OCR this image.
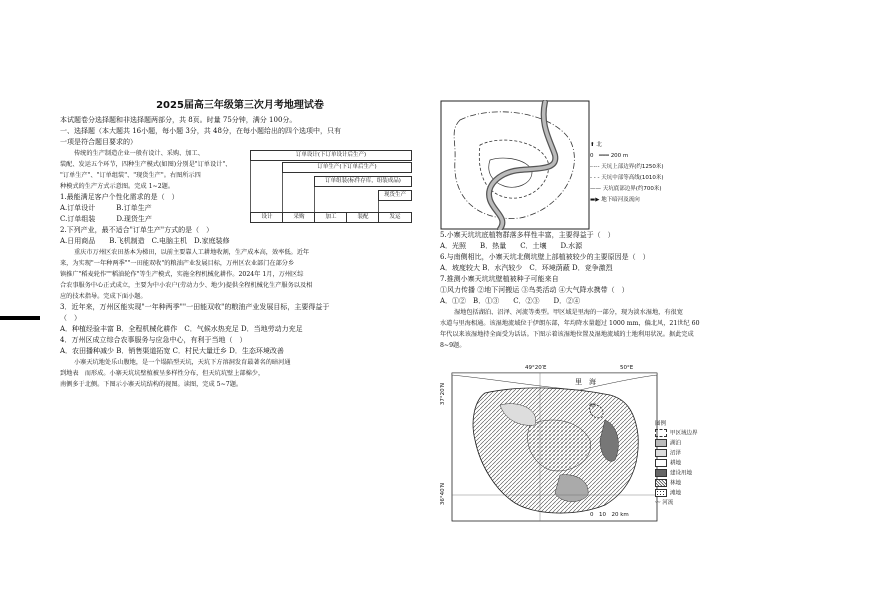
2025届高三年级第三次月考地理试卷

本试题卷分选择题和非选择题两部分，共 8页。时量 75分钟，满分 100分。

一、选择题（本大题共 16小题，每小题 3分，共 48分，在每小题给出的四个选项中，只有

一项是符合题目要求的）

传统的生产制造企业一般有设计、采购、加工、

装配、发运五个环节，四种生产模式(如图)分别是"订单设计"、

"订单生产"、"订单组装"、"现货生产"。右图所示四

种模式的生产方式示意图。完成 1~2题。

1.最能满足客户个性化需求的是（　）

A.订单设计　　　B.订单生产

C.订单组装　　　D.现货生产

2.下列产业，最不适合"订单生产"方式的是（　）

A.日用商品　　B.飞机制造　C.电脑主机　D.家庭装修

重庆市万州区农田基本为梯田，以前主要靠人工耕地收割，生产成本高，效率低。近年

来，为实现"一年种两季""一田能双收"的粮油产业发展目标，万州区农业部门在部分乡

镇推广"稻麦轮作""稻油轮作"等生产模式，实施全程机械化耕作。2024年 1月，万州区综

合农事服务中心正式成立，主要为中小农户(劳动力少、地少)提供全程机械化生产服务以及相

应的技术指导。完成下面小题。

3．近年来，万州区能实现"一年种两季""一田能双收"的粮油产业发展目标，主要得益于

（　）

A．种植经验丰富 B．全程机械化耕作　C．气候水热充足 D．当地劳动力充足

4．万州区成立综合农事服务与应急中心，有利于当地（　）

A．农田播种减少 B．销售渠道拓宽 C．村民大量迁乡 D．生态环境改善

小寨天坑地处乐山腹地，是一个塌陷型天坑，天坑下方溶洞发育最著名的暗河通

到地表　而形成。小寨天坑坑壁植被呈多样性分布，但天坑坑壁上部棉少，

南侧多于北侧。下图示小寨天坑结构的视图。读图，完成 5~7题。

订单设计(下订单设计后生产)
订单生产(下订单后生产)
订单组装(标件存库，组装成品)
现货生产
设计	采购	加工	装配	发运
⬆ 北
0　━━━ 200 m
-·-·- 天坑上部边界(约1250米)
- - - 天坑中部等高线(1010米)
—— 天坑底部边界(约700米)
▬▶ 地下暗河及流向

5.小寨天坑坑底植物群落多样性丰富，主要得益于（　）

A．光照　　B．热量　　C．土壤　　D.水源

6.与南侧相比，小寨天坑北侧坑壁上部植被较少的主要原因是（　）

A．坡度较大 B．水汽较少　C．环境荫蔽 D．竞争激烈

7.推测小寨天坑坑壁植被种子可能来自

①风力传播 ②地下河搬运 ③鸟类活动 ④大气降水携带（　）

A．①②　B．①③　　C．②③　　D．②④

湿地包括湖泊、沼泽、河流等类型。甲区域是里海的一部分，现为淡水湿地，有很宽

水道与里海相通。该湿地流域位于伊朗东部，年均降水量超过 1000 mm，偏北风，21世纪 60

年代以来该湿地持全面受为话话。下图示着该湿地位置及湿地流域的土地利用状况。据此完成

8~9题。

49°20′E	50°E
37°20′N
36°40′N
里　海
甲
0　10　20 km
图例
甲区域边界
湖泊
沼泽
耕地
建设用地
林地
滩地
〰 河流
